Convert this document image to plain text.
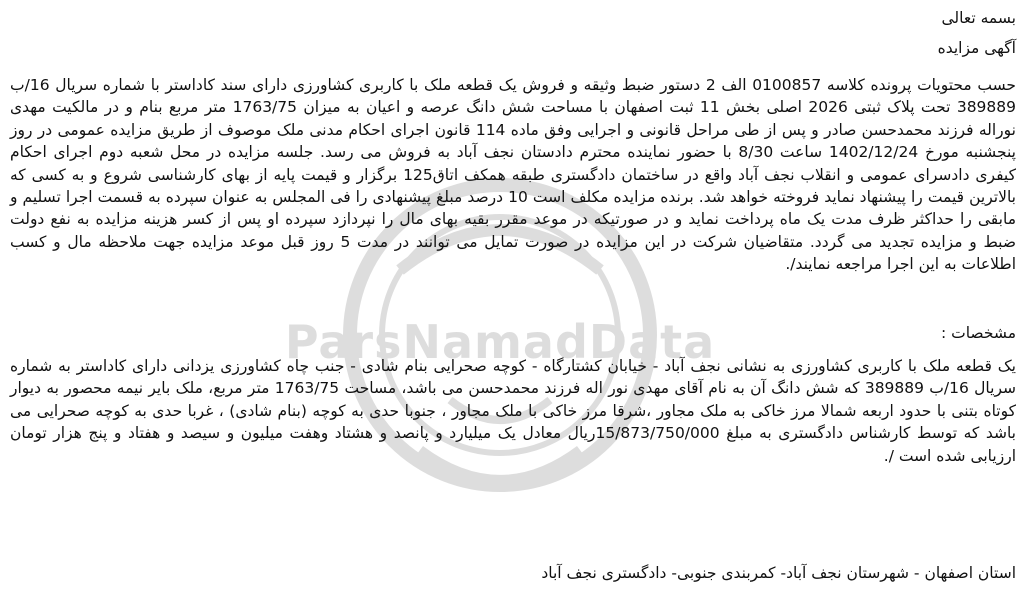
ParsNamadData
بسمه تعالی
آگهی مزایده
حسب محتویات پرونده کلاسه 0100857 الف 2 دستور ضبط وثیقه و فروش یک قطعه ملک با کاربری کشاورزی دارای سند کاداستر با شماره سریال 16/ب 389889 تحت پلاک ثبتی 2026 اصلی بخش 11 ثبت اصفهان با مساحت شش دانگ عرصه و اعیان به میزان 1763/75 متر مربع بنام و در مالکیت مهدی نوراله فرزند محمدحسن صادر و پس از طی مراحل قانونی و اجرایی وفق ماده 114 قانون اجرای احکام مدنی ملک موصوف از طریق مزایده عمومی در روز پنجشنبه مورخ 1402/12/24 ساعت 8/30 با حضور نماینده محترم دادستان نجف آباد به فروش می رسد. جلسه مزایده در محل شعبه دوم اجرای احکام کیفری دادسرای عمومی و انقلاب نجف آباد واقع در ساختمان دادگستری طبقه همکف اتاق125 برگزار و قیمت پایه از بهای کارشناسی شروع و به کسی که بالاترین قیمت را پیشنهاد نماید فروخته خواهد شد. برنده مزایده مکلف است 10 درصد مبلغ پیشنهادی را فی المجلس به عنوان سپرده به قسمت اجرا تسلیم و مابقی را حداکثر ظرف مدت یک ماه پرداخت نماید و در صورتیکه در موعد مقرر بقیه بهای مال را نپردازد سپرده او پس از کسر هزینه مزایده به نفع دولت ضبط و مزایده تجدید می گردد. متقاضیان شرکت در این مزایده در صورت تمایل می توانند در مدت 5 روز قبل موعد مزایده جهت ملاحظه مال و کسب اطلاعات به این اجرا مراجعه نمایند/.
مشخصات :
یک قطعه ملک با کاربری کشاورزی به نشانی نجف آباد - خیابان کشتارگاه - کوچه صحرایی بنام شادی - جنب چاه کشاورزی یزدانی دارای کاداستر به شماره سریال 16/ب 389889 که شش دانگ آن به نام آقای مهدی نور اله فرزند محمدحسن می باشد، مساحت 1763/75 متر مربع، ملک بایر نیمه محصور به دیوار کوتاه بتنی با حدود اربعه شمالا مرز خاکی به ملک مجاور ،شرقا مرز خاکی با ملک مجاور ، جنوبا حدی به کوچه (بنام شادی) ، غربا حدی به کوچه صحرایی می باشد که توسط کارشناس دادگستری به مبلغ 15/873/750/000ریال معادل یک میلیارد و پانصد و هشتاد وهفت میلیون و سیصد و هفتاد و پنج هزار تومان ارزیابی شده است /.
استان اصفهان - شهرستان نجف آباد- کمربندی جنوبی- دادگستری نجف آباد
